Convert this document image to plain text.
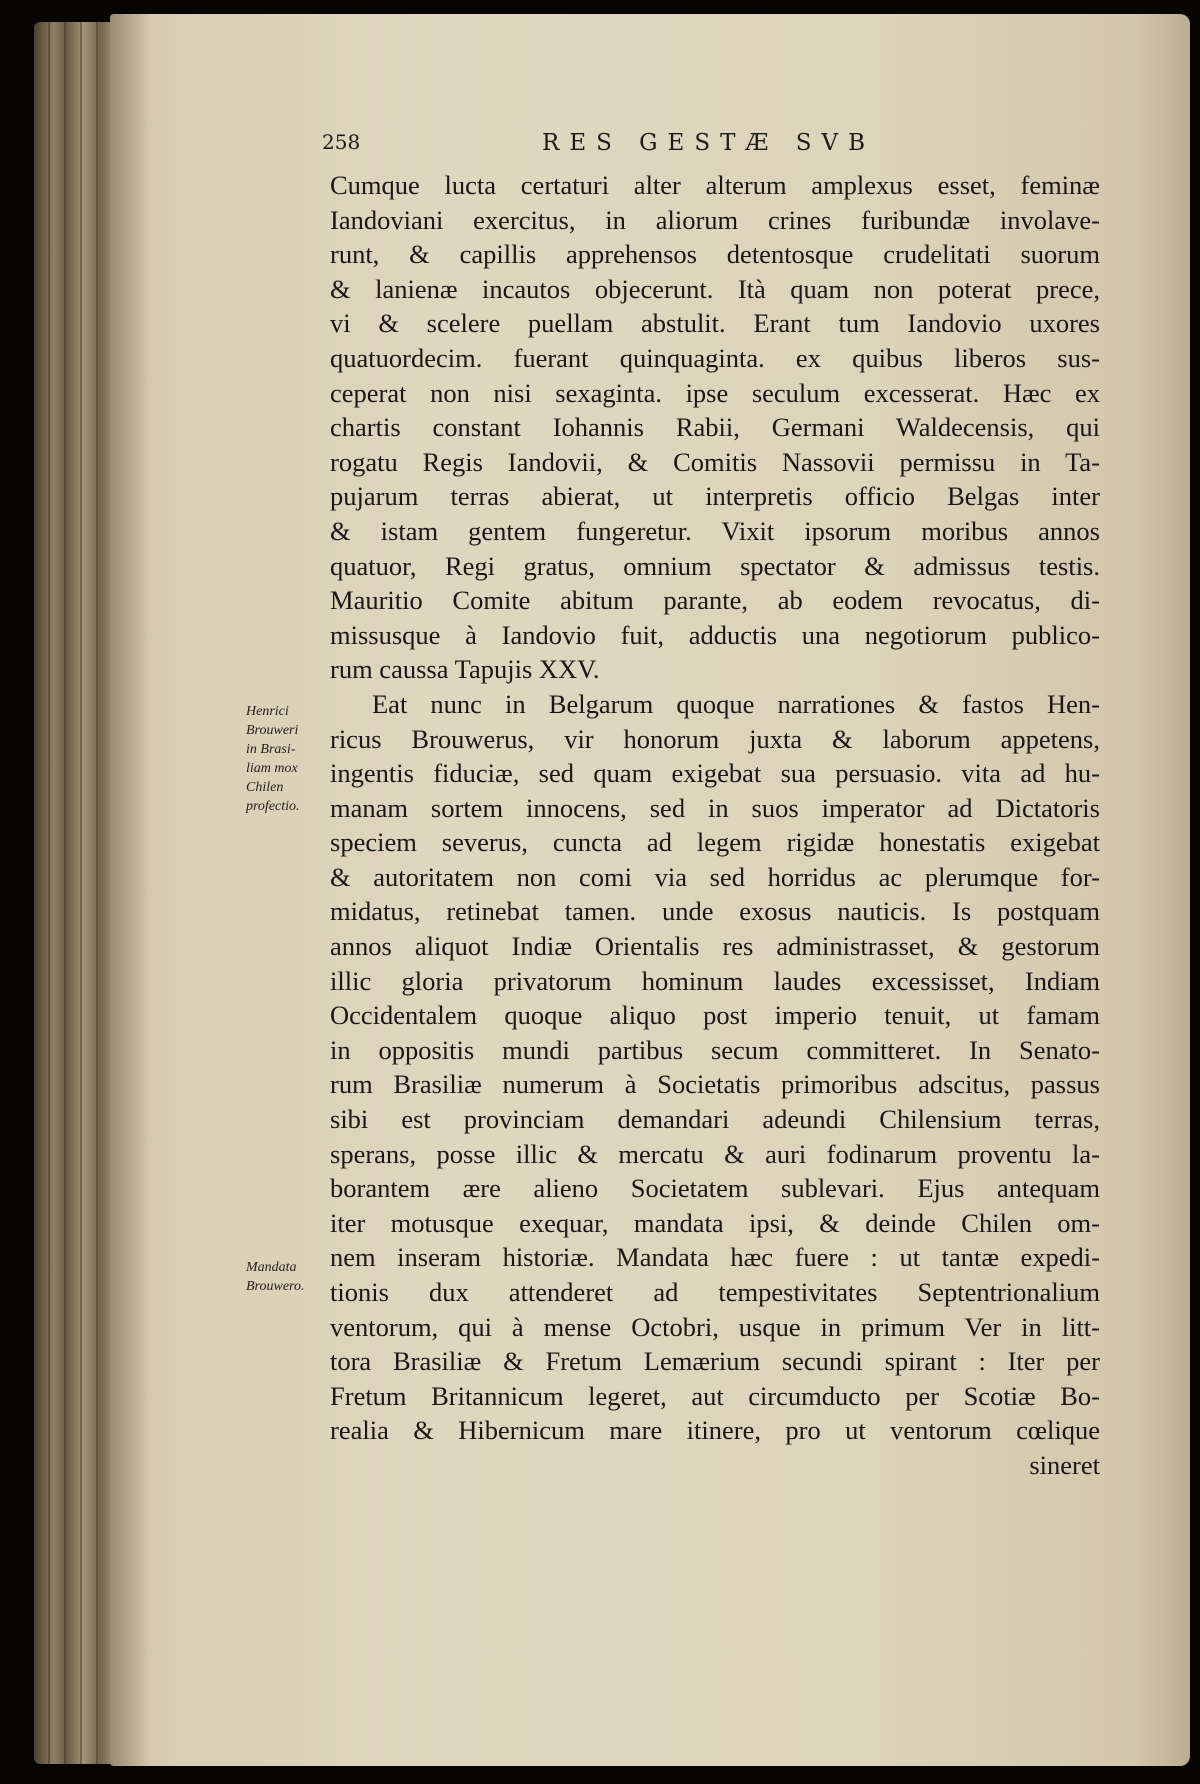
258	RES GESTÆ SVB
Cumque lucta certaturi alter alterum amplexus esset, feminæ
Iandoviani exercitus, in aliorum crines furibundæ involave-
runt, & capillis apprehensos detentosque crudelitati suorum
& lanienæ incautos objecerunt. Ità quam non poterat prece,
vi & scelere puellam abstulit. Erant tum Iandovio uxores
quatuordecim. fuerant quinquaginta. ex quibus liberos sus-
ceperat non nisi sexaginta. ipse seculum excesserat. Hæc ex
chartis constant Iohannis Rabii, Germani Waldecensis, qui
rogatu Regis Iandovii, & Comitis Nassovii permissu in Ta-
pujarum terras abierat, ut interpretis officio Belgas inter
& istam gentem fungeretur. Vixit ipsorum moribus annos
quatuor, Regi gratus, omnium spectator & admissus testis.
Mauritio Comite abitum parante, ab eodem revocatus, di-
missusque à Iandovio fuit, adductis una negotiorum publico-
rum caussa Tapujis XXV.
Eat nunc in Belgarum quoque narrationes & fastos Hen-
ricus Brouwerus, vir honorum juxta & laborum appetens,
ingentis fiduciæ, sed quam exigebat sua persuasio. vita ad hu-
manam sortem innocens, sed in suos imperator ad Dictatoris
speciem severus, cuncta ad legem rigidæ honestatis exigebat
& autoritatem non comi via sed horridus ac plerumque for-
midatus, retinebat tamen. unde exosus nauticis. Is postquam
annos aliquot Indiæ Orientalis res administrasset, & gestorum
illic gloria privatorum hominum laudes excessisset, Indiam
Occidentalem quoque aliquo post imperio tenuit, ut famam
in oppositis mundi partibus secum committeret. In Senato-
rum Brasiliæ numerum à Societatis primoribus adscitus, passus
sibi est provinciam demandari adeundi Chilensium terras,
sperans, posse illic & mercatu & auri fodinarum proventu la-
borantem ære alieno Societatem sublevari. Ejus antequam
iter motusque exequar, mandata ipsi, & deinde Chilen om-
nem inseram historiæ. Mandata hæc fuere : ut tantæ expedi-
tionis dux attenderet ad tempestivitates Septentrionalium
ventorum, qui à mense Octobri, usque in primum Ver in litt-
tora Brasiliæ & Fretum Lemærium secundi spirant : Iter per
Fretum Britannicum legeret, aut circumducto per Scotiæ Bo-
realia & Hibernicum mare itinere, pro ut ventorum cœlique
sineret
Henrici
Brouweri
in Brasi-
liam mox
Chilen
profectio.
Mandata
Brouwero.
